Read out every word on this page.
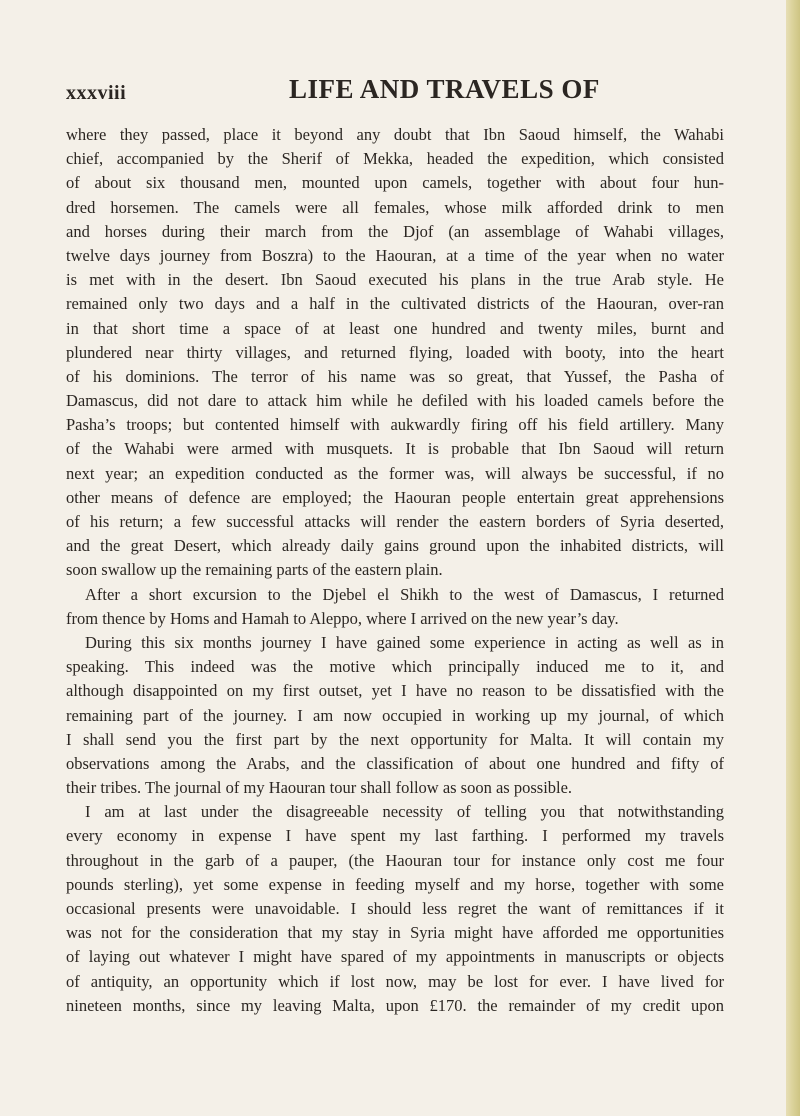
xxxviii	LIFE AND TRAVELS OF
where they passed, place it beyond any doubt that Ibn Saoud himself, the Wahabi
chief, accompanied by the Sherif of Mekka, headed the expedition, which consisted
of about six thousand men, mounted upon camels, together with about four hun-
dred horsemen. The camels were all females, whose milk afforded drink to men
and horses during their march from the Djof (an assemblage of Wahabi villages,
twelve days journey from Boszra) to the Haouran, at a time of the year when no water
is met with in the desert. Ibn Saoud executed his plans in the true Arab style. He
remained only two days and a half in the cultivated districts of the Haouran, over-ran
in that short time a space of at least one hundred and twenty miles, burnt and
plundered near thirty villages, and returned flying, loaded with booty, into the heart
of his dominions. The terror of his name was so great, that Yussef, the Pasha of
Damascus, did not dare to attack him while he defiled with his loaded camels before the
Pasha’s troops; but contented himself with aukwardly firing off his field artillery. Many
of the Wahabi were armed with musquets. It is probable that Ibn Saoud will return
next year; an expedition conducted as the former was, will always be successful, if no
other means of defence are employed; the Haouran people entertain great apprehensions
of his return; a few successful attacks will render the eastern borders of Syria deserted,
and the great Desert, which already daily gains ground upon the inhabited districts, will
soon swallow up the remaining parts of the eastern plain.
After a short excursion to the Djebel el Shikh to the west of Damascus, I returned
from thence by Homs and Hamah to Aleppo, where I arrived on the new year’s day.
During this six months journey I have gained some experience in acting as well as in
speaking. This indeed was the motive which principally induced me to it, and
although disappointed on my first outset, yet I have no reason to be dissatisfied with the
remaining part of the journey. I am now occupied in working up my journal, of which
I shall send you the first part by the next opportunity for Malta. It will contain my
observations among the Arabs, and the classification of about one hundred and fifty of
their tribes. The journal of my Haouran tour shall follow as soon as possible.
I am at last under the disagreeable necessity of telling you that notwithstanding
every economy in expense I have spent my last farthing. I performed my travels
throughout in the garb of a pauper, (the Haouran tour for instance only cost me four
pounds sterling), yet some expense in feeding myself and my horse, together with some
occasional presents were unavoidable. I should less regret the want of remittances if it
was not for the consideration that my stay in Syria might have afforded me opportunities
of laying out whatever I might have spared of my appointments in manuscripts or objects
of antiquity, an opportunity which if lost now, may be lost for ever. I have lived for
nineteen months, since my leaving Malta, upon £170. the remainder of my credit upon
